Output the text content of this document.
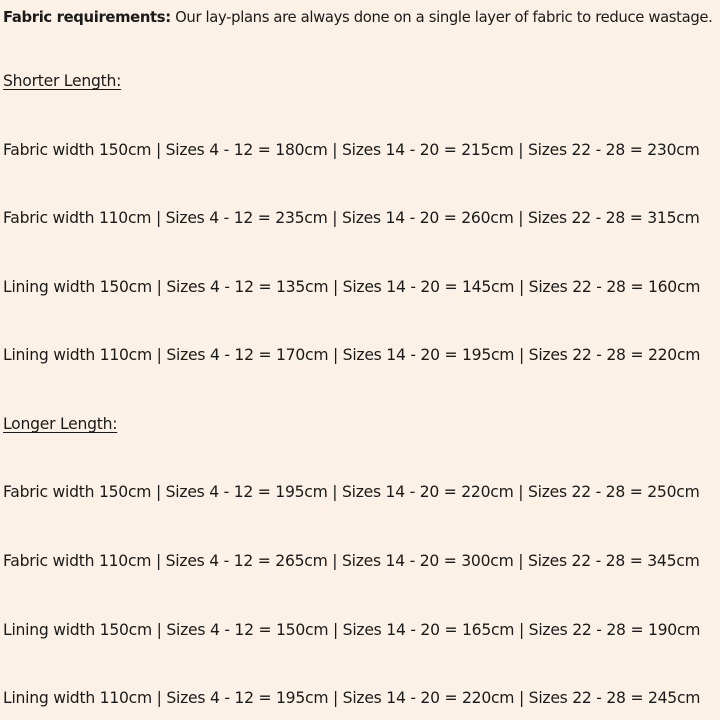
Fabric requirements: Our lay-plans are always done on a single layer of fabric to reduce wastage.
Shorter Length:
Fabric width 150cm | Sizes 4 - 12 = 180cm | Sizes 14 - 20 = 215cm | Sizes 22 - 28 = 230cm
Fabric width 110cm | Sizes 4 - 12 = 235cm | Sizes 14 - 20 = 260cm | Sizes 22 - 28 = 315cm
Lining width 150cm | Sizes 4 - 12 = 135cm | Sizes 14 - 20 = 145cm | Sizes 22 - 28 = 160cm
Lining width 110cm | Sizes 4 - 12 = 170cm | Sizes 14 - 20 = 195cm | Sizes 22 - 28 = 220cm
Longer Length:
Fabric width 150cm | Sizes 4 - 12 = 195cm | Sizes 14 - 20 = 220cm | Sizes 22 - 28 = 250cm
Fabric width 110cm | Sizes 4 - 12 = 265cm | Sizes 14 - 20 = 300cm | Sizes 22 - 28 = 345cm
Lining width 150cm | Sizes 4 - 12 = 150cm | Sizes 14 - 20 = 165cm | Sizes 22 - 28 = 190cm
Lining width 110cm | Sizes 4 - 12 = 195cm | Sizes 14 - 20 = 220cm | Sizes 22 - 28 = 245cm
